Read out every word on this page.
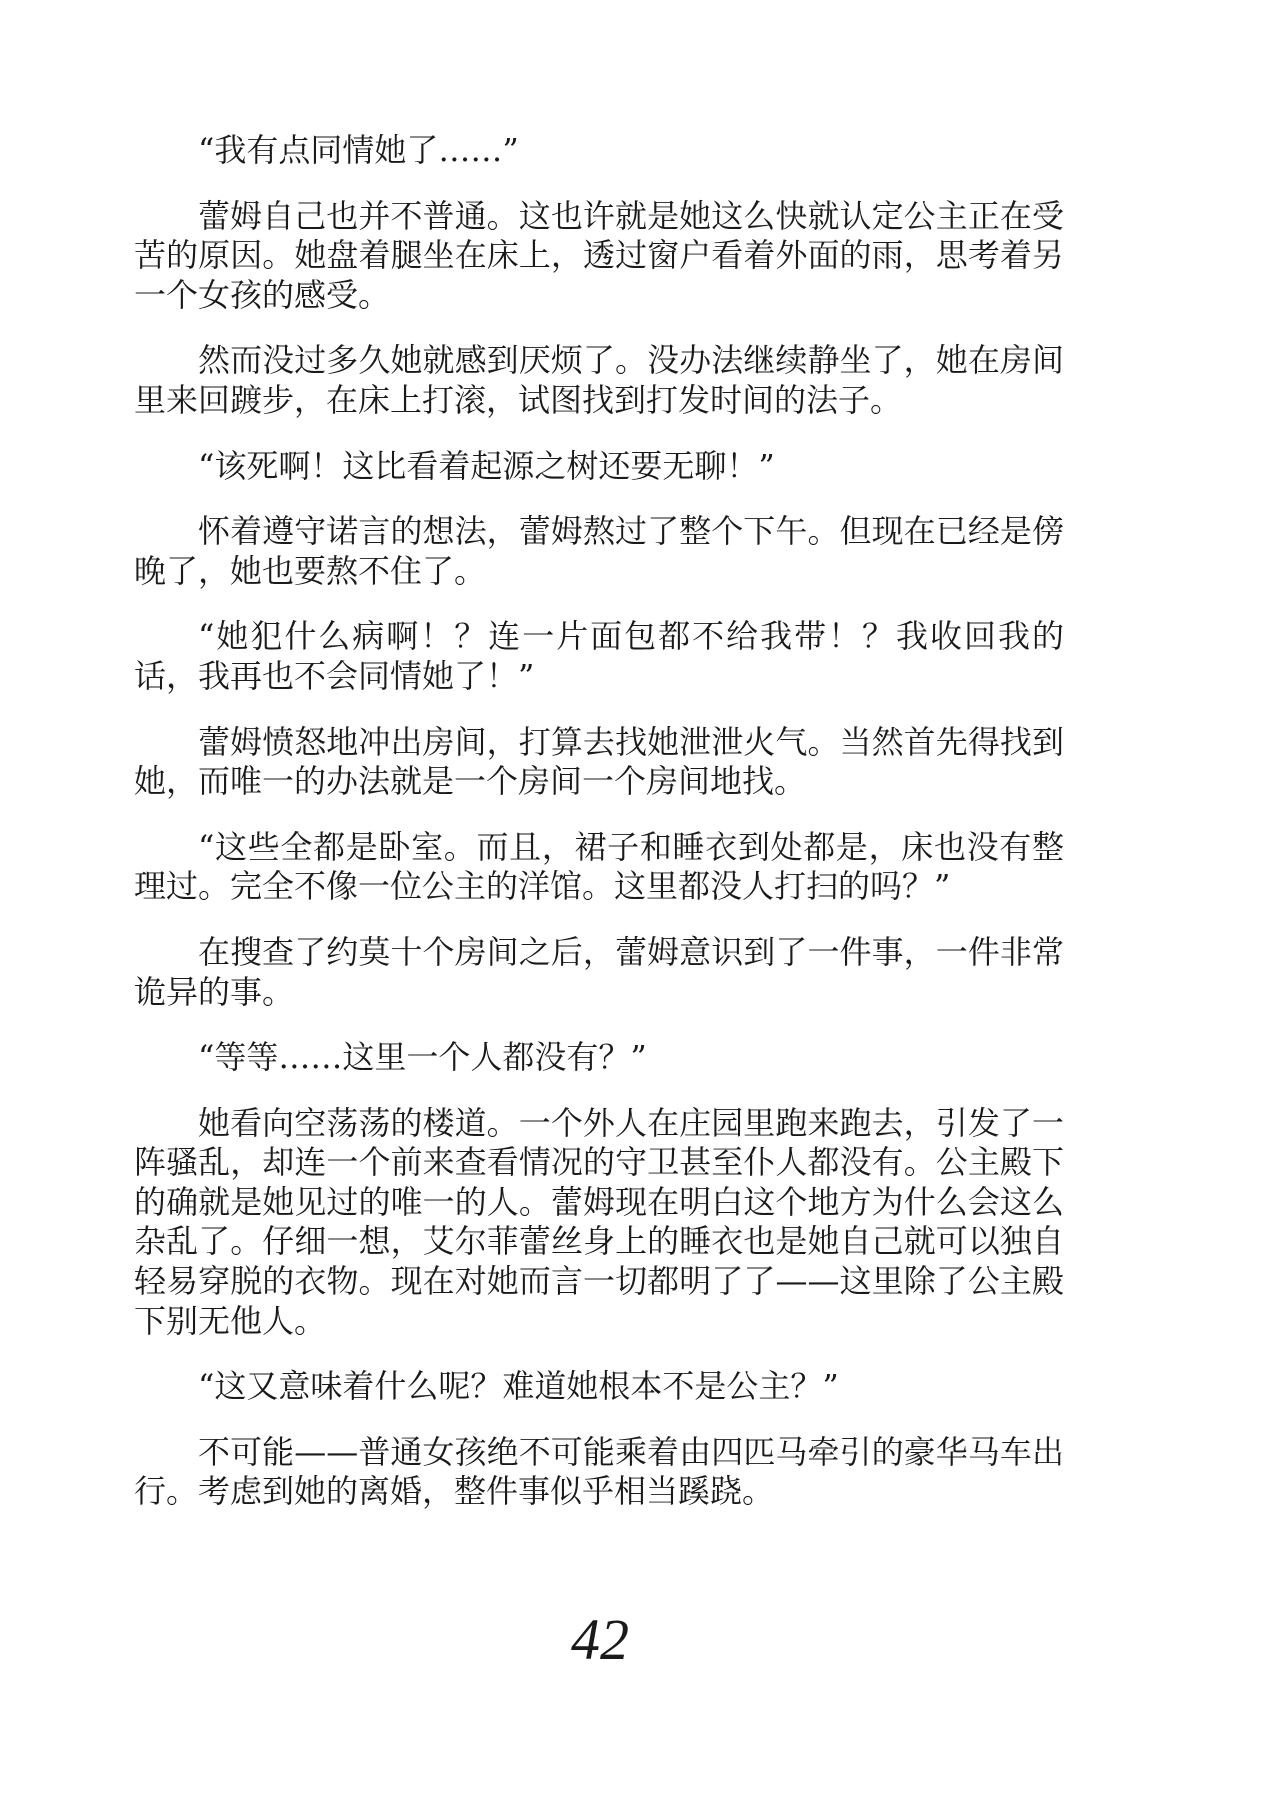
“我有点同情她了……”

蕾姆自己也并不普通。这也许就是她这么快就认定公主正在受苦的原因。她盘着腿坐在床上，透过窗户看着外面的雨，思考着另一个女孩的感受。

然而没过多久她就感到厌烦了。没办法继续静坐了，她在房间里来回踱步，在床上打滚，试图找到打发时间的法子。

“该死啊！这比看着起源之树还要无聊！”

怀着遵守诺言的想法，蕾姆熬过了整个下午。但现在已经是傍晚了，她也要熬不住了。

“她犯什么病啊！？连一片面包都不给我带！？我收回我的话，我再也不会同情她了！”

蕾姆愤怒地冲出房间，打算去找她泄泄火气。当然首先得找到她，而唯一的办法就是一个房间一个房间地找。

“这些全都是卧室。而且，裙子和睡衣到处都是，床也没有整理过。完全不像一位公主的洋馆。这里都没人打扫的吗？”

在搜查了约莫十个房间之后，蕾姆意识到了一件事，一件非常诡异的事。

“等等……这里一个人都没有？”

她看向空荡荡的楼道。一个外人在庄园里跑来跑去，引发了一阵骚乱，却连一个前来查看情况的守卫甚至仆人都没有。公主殿下的确就是她见过的唯一的人。蕾姆现在明白这个地方为什么会这么杂乱了。仔细一想，艾尔菲蕾丝身上的睡衣也是她自己就可以独自轻易穿脱的衣物。现在对她而言一切都明了了——这里除了公主殿下别无他人。

“这又意味着什么呢？难道她根本不是公主？”

不可能——普通女孩绝不可能乘着由四匹马牵引的豪华马车出行。考虑到她的离婚，整件事似乎相当蹊跷。

42
